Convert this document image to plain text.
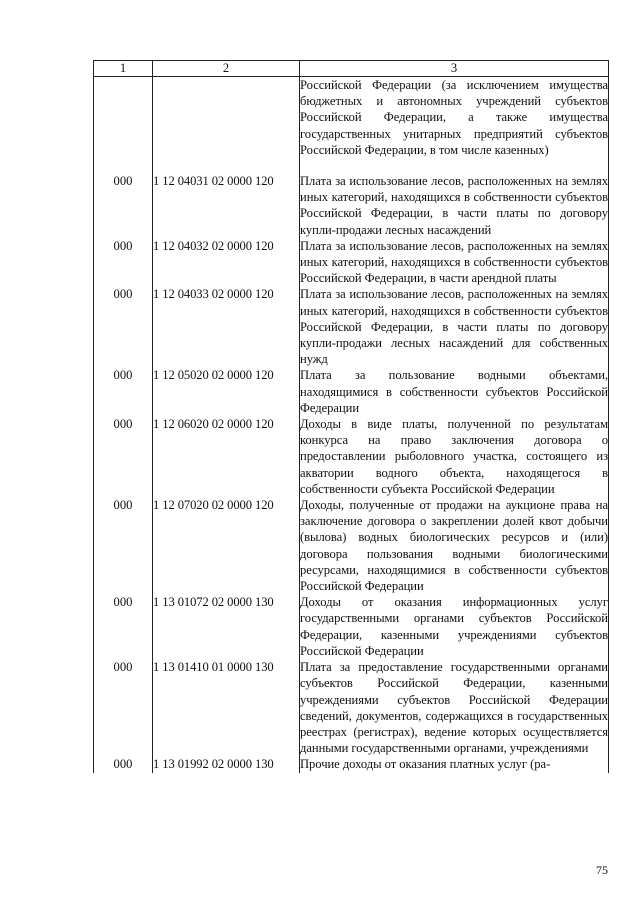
1	2	3
		Российской Федерации (за исключением имущества бюджетных и автономных учреждений субъектов Российской Федерации, а также имущества государственных унитарных предприятий субъектов Российской Федерации, в том числе казенных)
000	1 12 04031 02 0000 120	Плата за использование лесов, расположенных на землях иных категорий, находящихся в собственности субъектов Российской Федерации, в части платы по договору купли-продажи лесных насаждений
000	1 12 04032 02 0000 120	Плата за использование лесов, расположенных на землях иных категорий, находящихся в собственности субъектов Российской Федерации, в части арендной платы
000	1 12 04033 02 0000 120	Плата за использование лесов, расположенных на землях иных категорий, находящихся в собственности субъектов Российской Федерации, в части платы по договору купли-продажи лесных насаждений для собственных нужд
000	1 12 05020 02 0000 120	Плата за пользование водными объектами, находящимися в собственности субъектов Российской Федерации
000	1 12 06020 02 0000 120	Доходы в виде платы, полученной по результатам конкурса на право заключения договора о предоставлении рыболовного участка, состоящего из акватории водного объекта, находящегося в собственности субъекта Российской Федерации
000	1 12 07020 02 0000 120	Доходы, полученные от продажи на аукционе права на заключение договора о закреплении долей квот добычи (вылова) водных биологических ресурсов и (или) договора пользования водными биологическими ресурсами, находящимися в собственности субъектов Российской Федерации
000	1 13 01072 02 0000 130	Доходы от оказания информационных услуг государственными органами субъектов Российской Федерации, казенными учреждениями субъектов Российской Федерации
000	1 13 01410 01 0000 130	Плата за предоставление государственными органами субъектов Российской Федерации, казенными учреждениями субъектов Российской Федерации сведений, документов, содержащихся в государственных реестрах (регистрах), ведение которых осуществляется данными государственными органами, учреждениями
000	1 13 01992 02 0000 130	Прочие доходы от оказания платных услуг (ра-
75
